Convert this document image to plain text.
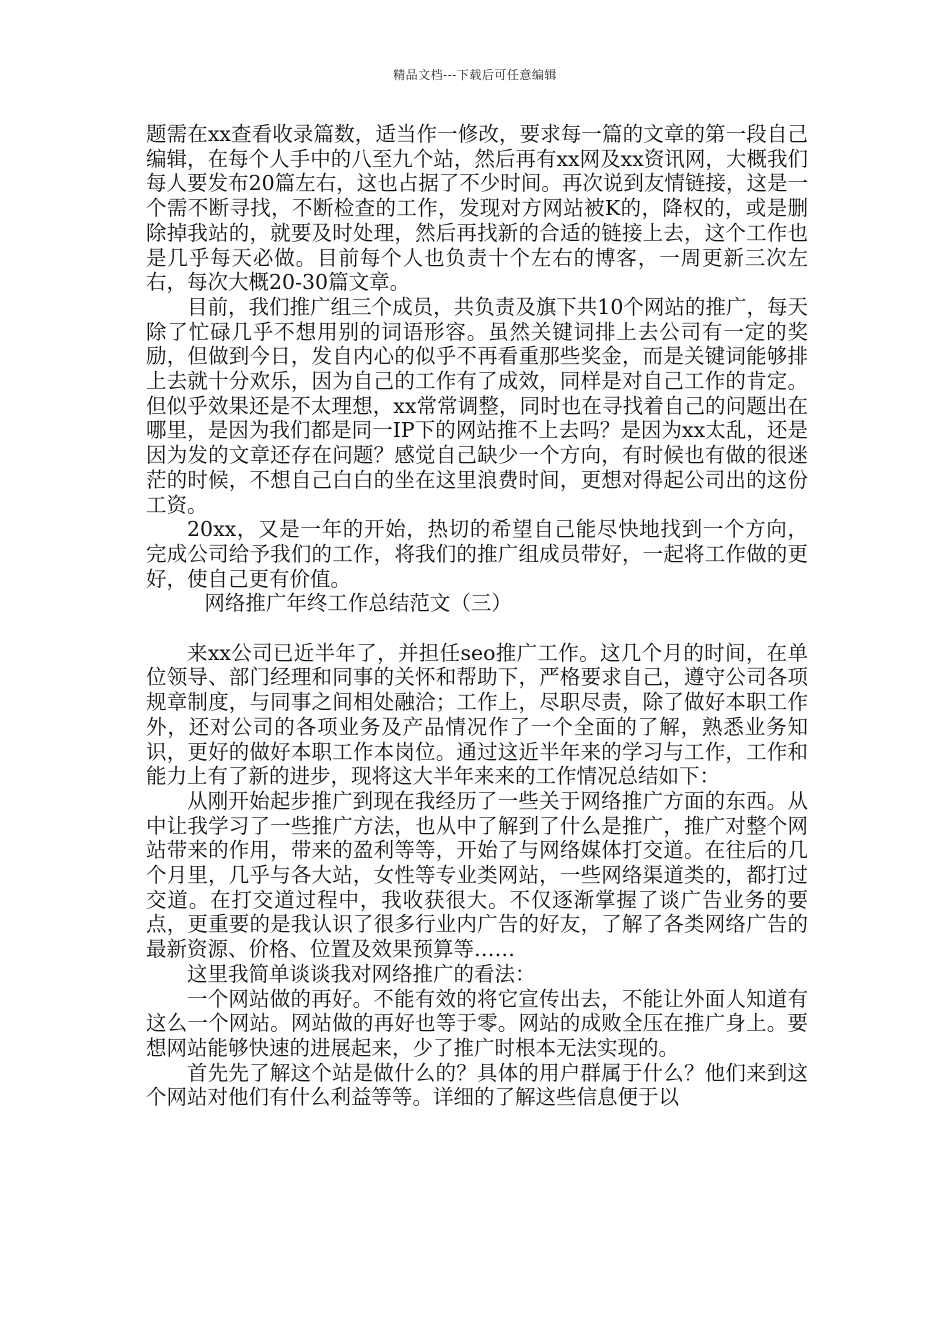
精品文档---下载后可任意编辑

题需在xx查看收录篇数，适当作一修改，要求每一篇的文章的第一段自己编辑，在每个人手中的八至九个站，然后再有xx网及xx资讯网，大概我们每人要发布20篇左右，这也占据了不少时间。再次说到友情链接，这是一个需不断寻找，不断检查的工作，发现对方网站被K的，降权的，或是删除掉我站的，就要及时处理，然后再找新的合适的链接上去，这个工作也是几乎每天必做。目前每个人也负责十个左右的博客，一周更新三次左右，每次大概20-30篇文章。

目前，我们推广组三个成员，共负责及旗下共10个网站的推广，每天除了忙碌几乎不想用别的词语形容。虽然关键词排上去公司有一定的奖励，但做到今日，发自内心的似乎不再看重那些奖金，而是关键词能够排上去就十分欢乐，因为自己的工作有了成效，同样是对自己工作的肯定。但似乎效果还是不太理想，xx常常调整，同时也在寻找着自己的问题出在哪里，是因为我们都是同一IP下的网站推不上去吗？是因为xx太乱，还是因为发的文章还存在问题？感觉自己缺少一个方向，有时候也有做的很迷茫的时候，不想自己白白的坐在这里浪费时间，更想对得起公司出的这份工资。

20xx，又是一年的开始，热切的希望自己能尽快地找到一个方向，完成公司给予我们的工作，将我们的推广组成员带好，一起将工作做的更好，使自己更有价值。

网络推广年终工作总结范文（三）

来xx公司已近半年了，并担任seo推广工作。这几个月的时间，在单位领导、部门经理和同事的关怀和帮助下，严格要求自己，遵守公司各项规章制度，与同事之间相处融洽；工作上，尽职尽责，除了做好本职工作外，还对公司的各项业务及产品情况作了一个全面的了解，熟悉业务知识，更好的做好本职工作本岗位。通过这近半年来的学习与工作，工作和能力上有了新的进步，现将这大半年来来的工作情况总结如下：

从刚开始起步推广到现在我经历了一些关于网络推广方面的东西。从中让我学习了一些推广方法，也从中了解到了什么是推广，推广对整个网站带来的作用，带来的盈利等等，开始了与网络媒体打交道。在往后的几个月里，几乎与各大站，女性等专业类网站，一些网络渠道类的，都打过交道。在打交道过程中，我收获很大。不仅逐渐掌握了谈广告业务的要点，更重要的是我认识了很多行业内广告的好友，了解了各类网络广告的最新资源、价格、位置及效果预算等……

这里我简单谈谈我对网络推广的看法：

一个网站做的再好。不能有效的将它宣传出去，不能让外面人知道有这么一个网站。网站做的再好也等于零。网站的成败全压在推广身上。要想网站能够快速的进展起来，少了推广时根本无法实现的。

首先先了解这个站是做什么的？具体的用户群属于什么？他们来到这个网站对他们有什么利益等等。详细的了解这些信息便于以
